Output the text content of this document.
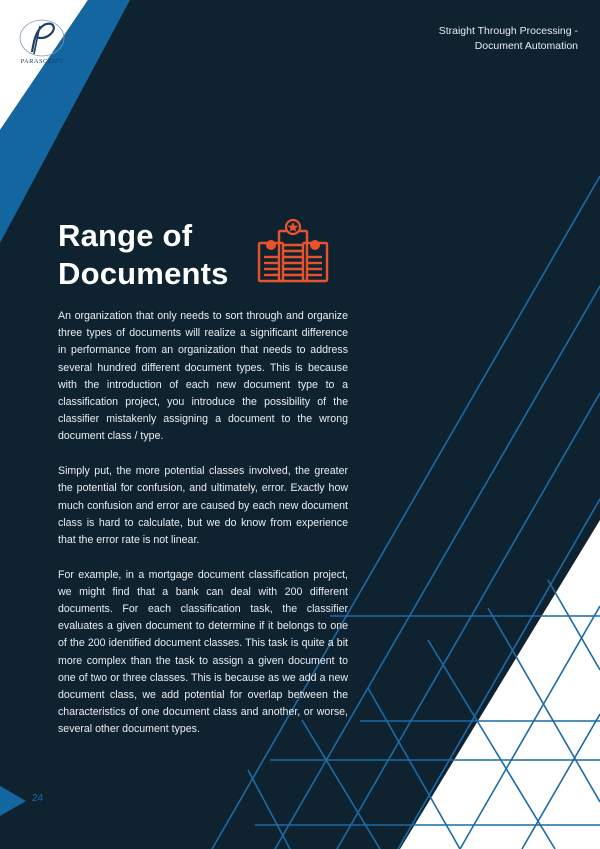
PARASCRIPT
Straight Through Processing -
Document Automation
Range of
Documents

An organization that only needs to sort through and organize three types of documents will realize a significant difference in performance from an organization that needs to address several hundred different document types. This is because with the introduction of each new document type to a classification project, you introduce the possibility of the classifier mistakenly assigning a document to the wrong document class / type.

Simply put, the more potential classes involved, the greater the potential for confusion, and ultimately, error. Exactly how much confusion and error are caused by each new document class is hard to calculate, but we do know from experience that the error rate is not linear.

For example, in a mortgage document classification project, we might find that a bank can deal with 200 different documents. For each classification task, the classifier evaluates a given document to determine if it belongs to one of the 200 identified document classes. This task is quite a bit more complex than the task to assign a given document to one of two or three classes. This is because as we add a new document class, we add potential for overlap between the characteristics of one document class and another, or worse, several other document types.

24
